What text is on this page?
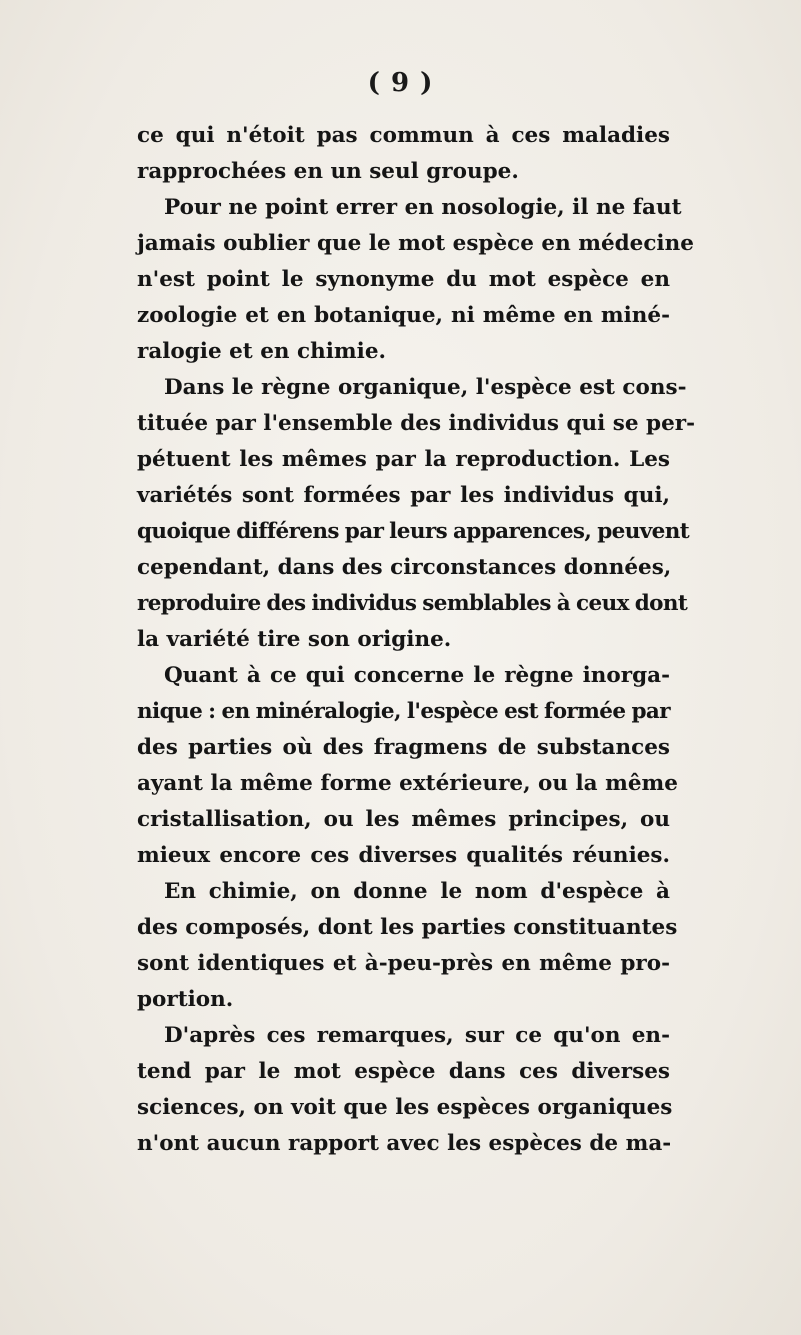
( 9 )
ce qui n'étoit pas commun à ces maladies
rapprochées en un seul groupe.
Pour ne point errer en nosologie, il ne faut
jamais oublier que le mot espèce en médecine
n'est point le synonyme du mot espèce en
zoologie et en botanique, ni même en miné-
ralogie et en chimie.
Dans le règne organique, l'espèce est cons-
tituée par l'ensemble des individus qui se per-
pétuent les mêmes par la reproduction. Les
variétés sont formées par les individus qui,
quoique différens par leurs apparences, peuvent
cependant, dans des circonstances données,
reproduire des individus semblables à ceux dont
la variété tire son origine.
Quant à ce qui concerne le règne inorga-
nique : en minéralogie, l'espèce est formée par
des parties où des fragmens de substances
ayant la même forme extérieure, ou la même
cristallisation, ou les mêmes principes, ou
mieux encore ces diverses qualités réunies.
En chimie, on donne le nom d'espèce à
des composés, dont les parties constituantes
sont identiques et à-peu-près en même pro-
portion.
D'après ces remarques, sur ce qu'on en-
tend par le mot espèce dans ces diverses
sciences, on voit que les espèces organiques
n'ont aucun rapport avec les espèces de ma-
